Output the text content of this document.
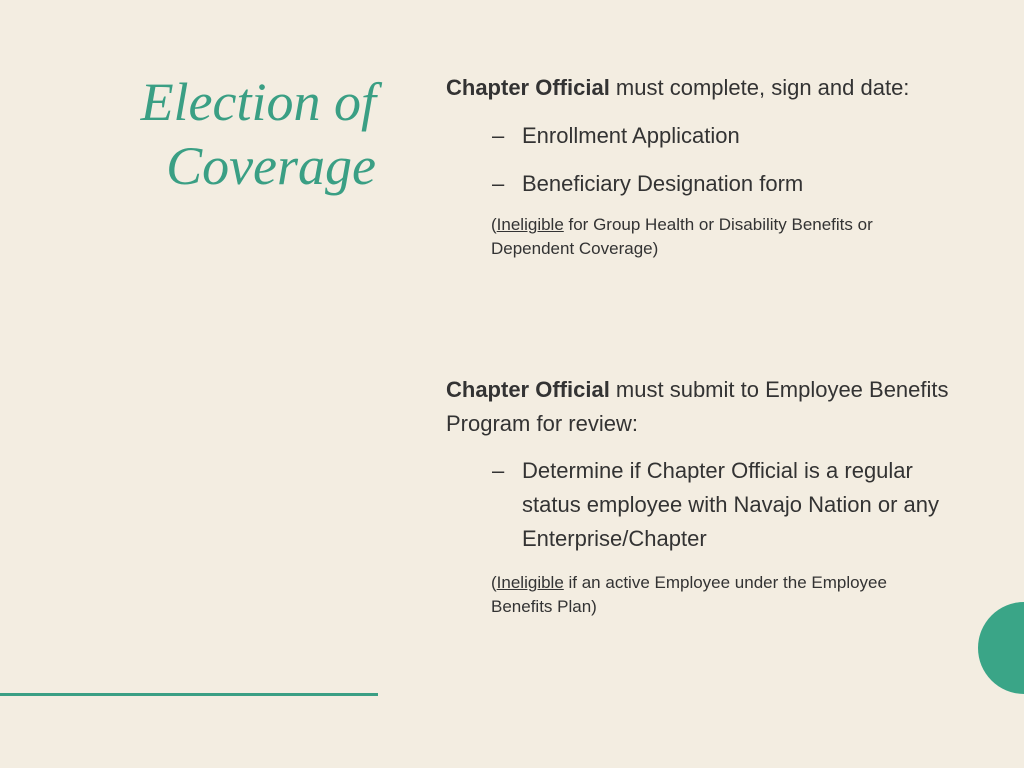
Election of
Coverage

Chapter Official must complete, sign and date:

– Enrollment Application
– Beneficiary Designation form

(Ineligible for Group Health or Disability Benefits or Dependent Coverage)

Chapter Official must submit to Employee Benefits Program for review:

– Determine if Chapter Official is a regular status employee with Navajo Nation or any Enterprise/Chapter

(Ineligible if an active Employee under the Employee Benefits Plan)
